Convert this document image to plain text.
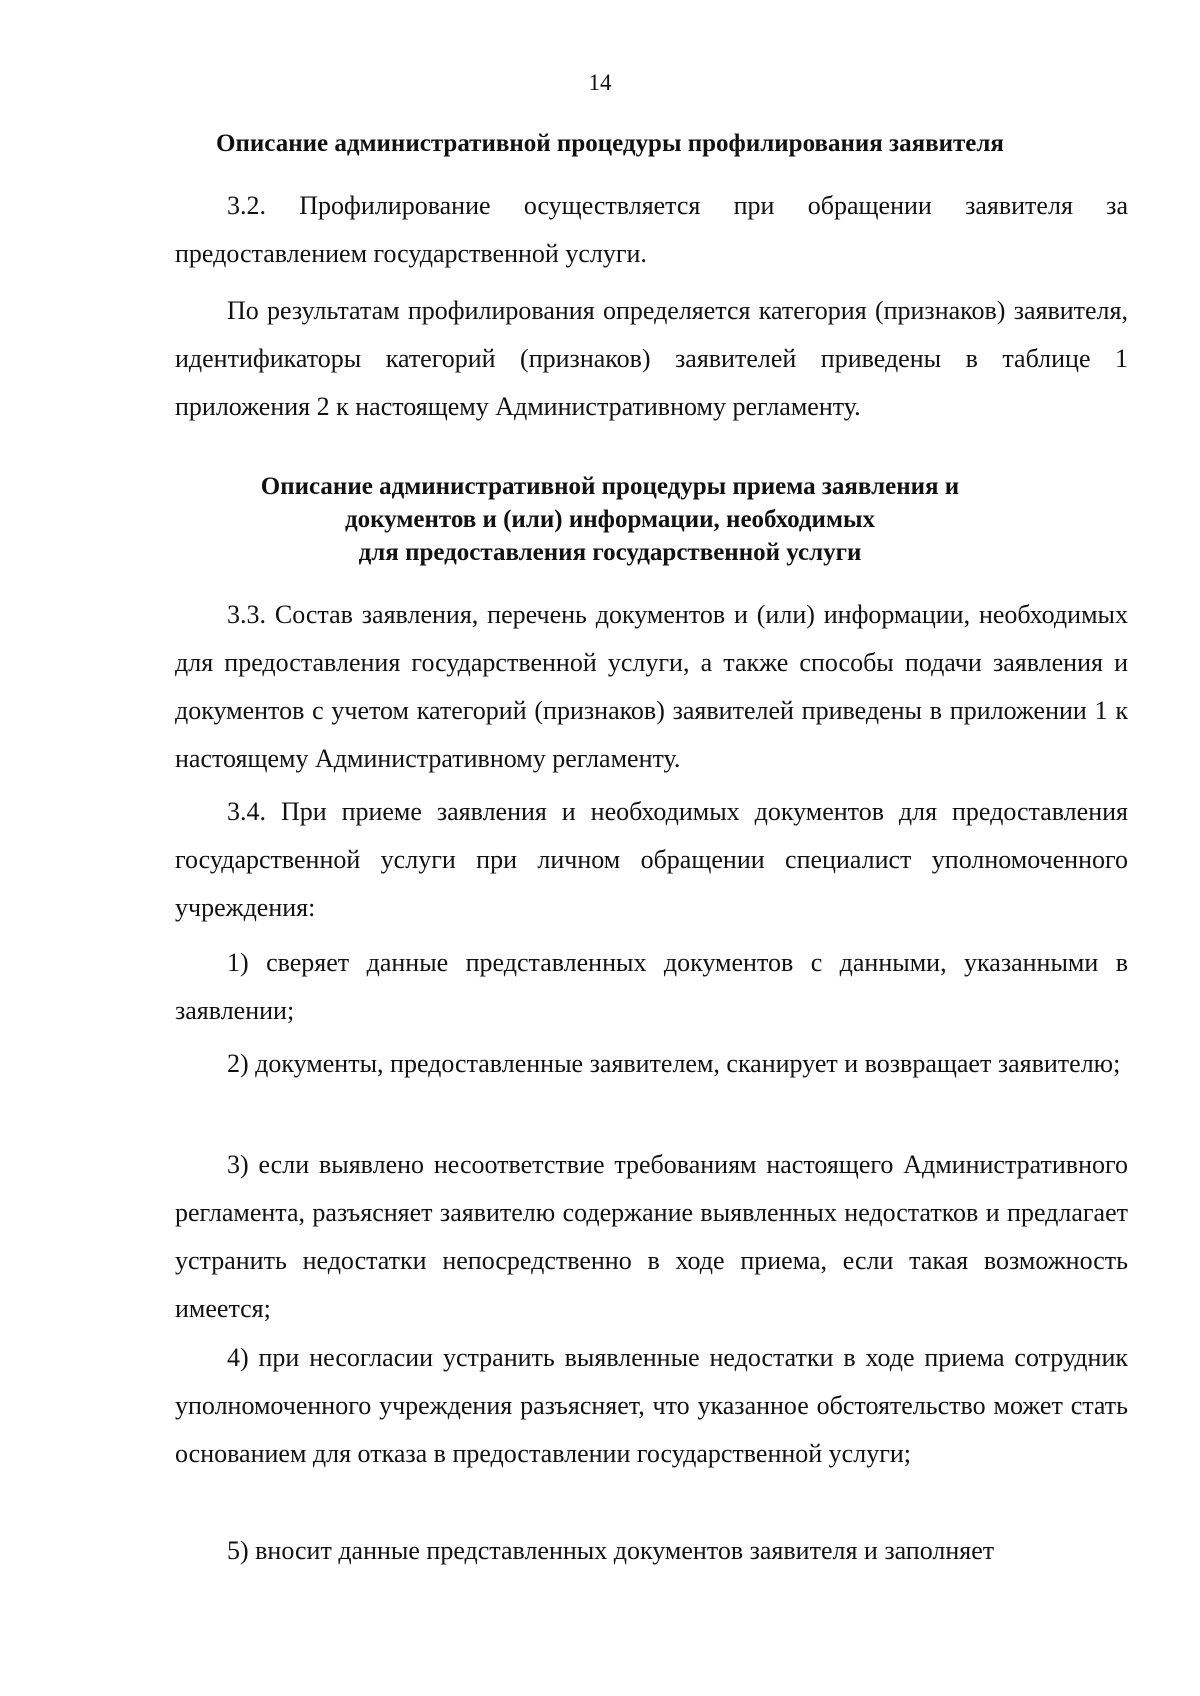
14
Описание административной процедуры профилирования заявителя

3.2. Профилирование осуществляется при обращении заявителя за предоставлением государственной услуги.

По результатам профилирования определяется категория (признаков) заявителя, идентификаторы категорий (признаков) заявителей приведены в таблице 1 приложения 2 к настоящему Административному регламенту.

Описание административной процедуры приема заявления и
документов и (или) информации, необходимых
для предоставления государственной услуги

3.3. Состав заявления, перечень документов и (или) информации, необходимых для предоставления государственной услуги, а также способы подачи заявления и документов с учетом категорий (признаков) заявителей приведены в приложении 1 к настоящему Административному регламенту.

3.4. При приеме заявления и необходимых документов для предоставления государственной услуги при личном обращении специалист уполномоченного учреждения:

1) сверяет данные представленных документов с данными, указанными в заявлении;

2) документы, предоставленные заявителем, сканирует и возвращает заявителю;

3) если выявлено несоответствие требованиям настоящего Административного регламента, разъясняет заявителю содержание выявленных недостатков и предлагает устранить недостатки непосредственно в ходе приема, если такая возможность имеется;

4) при несогласии устранить выявленные недостатки в ходе приема сотрудник уполномоченного учреждения разъясняет, что указанное обстоятельство может стать основанием для отказа в предоставлении государственной услуги;

5) вносит данные представленных документов заявителя и заполняет
